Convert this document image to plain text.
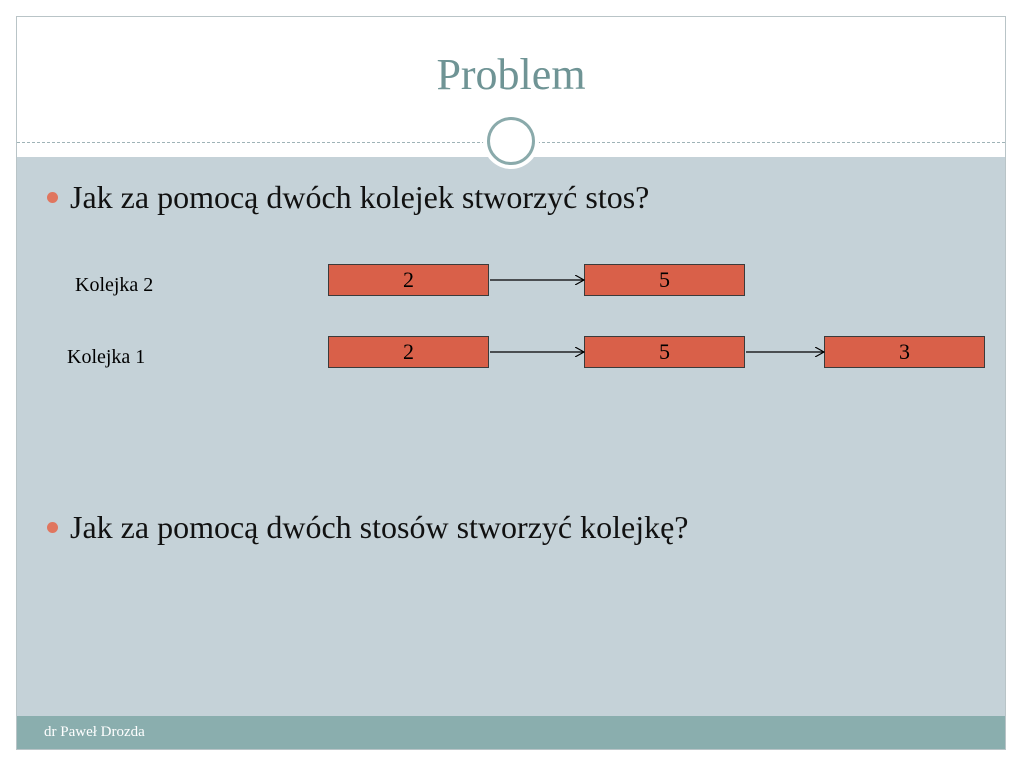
Problem
Jak za pomocą dwóch kolejek stworzyć stos?
Kolejka 2	2	5
Kolejka 1	2	5	3
Jak za pomocą dwóch stosów stworzyć kolejkę?
dr Paweł Drozda
